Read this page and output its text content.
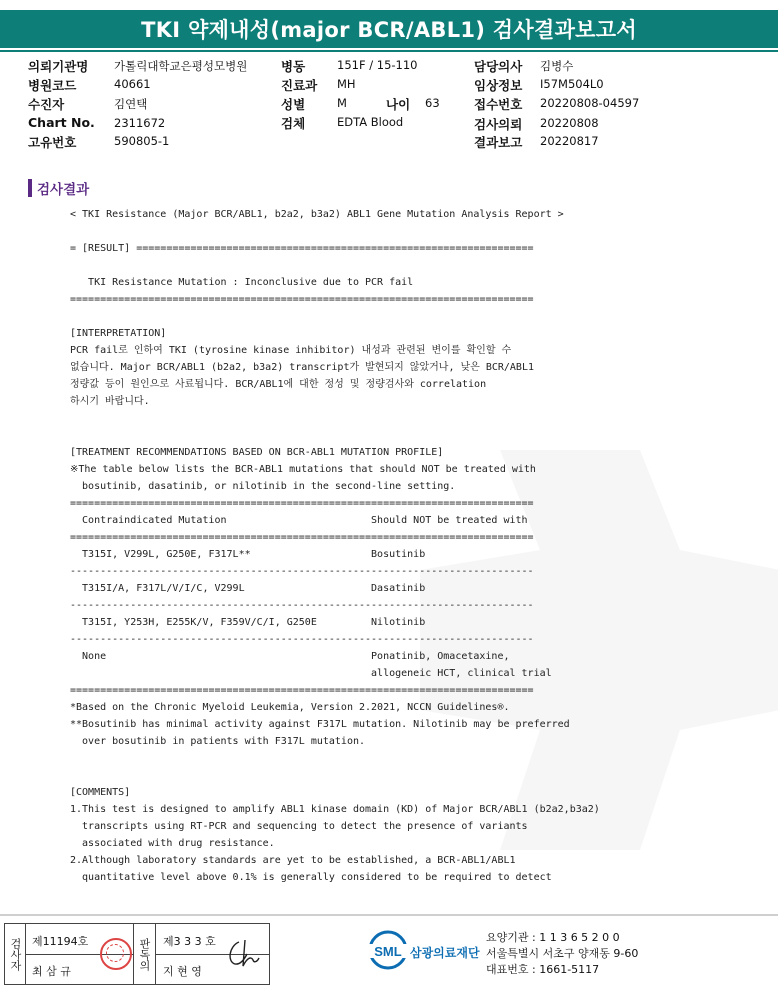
TKI 약제내성(major BCR/ABL1) 검사결과보고서
의뢰기관명 가톨릭대학교은평성모병원
병원코드	40661
수진자	김연택
Chart No. 2311672
고유번호	590805-1
병동	151F / 15-110
진료과 MH
성별	M	나이 63
검체	EDTA Blood
담당의사 김병수
임상정보 I57M504L0
접수번호 20220808-04597
검사의뢰 20220808
결과보고 20220817
검사결과
< TKI Resistance (Major BCR/ABL1, b2a2, b3a2) ABL1 Gene Mutation Analysis Report >
= [RESULT] ==================================================================
TKI Resistance Mutation : Inconclusive due to PCR fail
=============================================================================
[INTERPRETATION]
PCR fail로 인하여 TKI (tyrosine kinase inhibitor) 내성과 관련된 변이를 확인할 수
없습니다. Major BCR/ABL1 (b2a2, b3a2) transcript가 발현되지 않았거나, 낮은 BCR/ABL1
정량값 등이 원인으로 사료됩니다. BCR/ABL1에 대한 정성 및 정량검사와 correlation
하시기 바랍니다.
[TREATMENT RECOMMENDATIONS BASED ON BCR-ABL1 MUTATION PROFILE]
※The table below lists the BCR-ABL1 mutations that should NOT be treated with
bosutinib, dasatinib, or nilotinib in the second-line setting.
=============================================================================
Contraindicated Mutation                        Should NOT be treated with
=============================================================================
T315I, V299L, G250E, F317L**                    Bosutinib
-----------------------------------------------------------------------------
T315I/A, F317L/V/I/C, V299L                     Dasatinib
-----------------------------------------------------------------------------
T315I, Y253H, E255K/V, F359V/C/I, G250E         Nilotinib
-----------------------------------------------------------------------------
None                                            Ponatinib, Omacetaxine,
allogeneic HCT, clinical trial
=============================================================================
*Based on the Chronic Myeloid Leukemia, Version 2.2021, NCCN Guidelines®.
**Bosutinib has minimal activity against F317L mutation. Nilotinib may be preferred
over bosutinib in patients with F317L mutation.
[COMMENTS]
1.This test is designed to amplify ABL1 kinase domain (KD) of Major BCR/ABL1 (b2a2,b3a2)
transcripts using RT-PCR and sequencing to detect the presence of variants
associated with drug resistance.
2.Although laboratory standards are yet to be established, a BCR-ABL1/ABL1
quantitative level above 0.1% is generally considered to be required to detect
검사자 제11194호
최 삼 규
판독의 제3 3 3 호
지 현 영
SML 삼광의료재단
요양기관 : 1 1 3 6 5 2 0 0
서울특별시 서초구 양재동 9-60
대표번호 : 1661-5117
